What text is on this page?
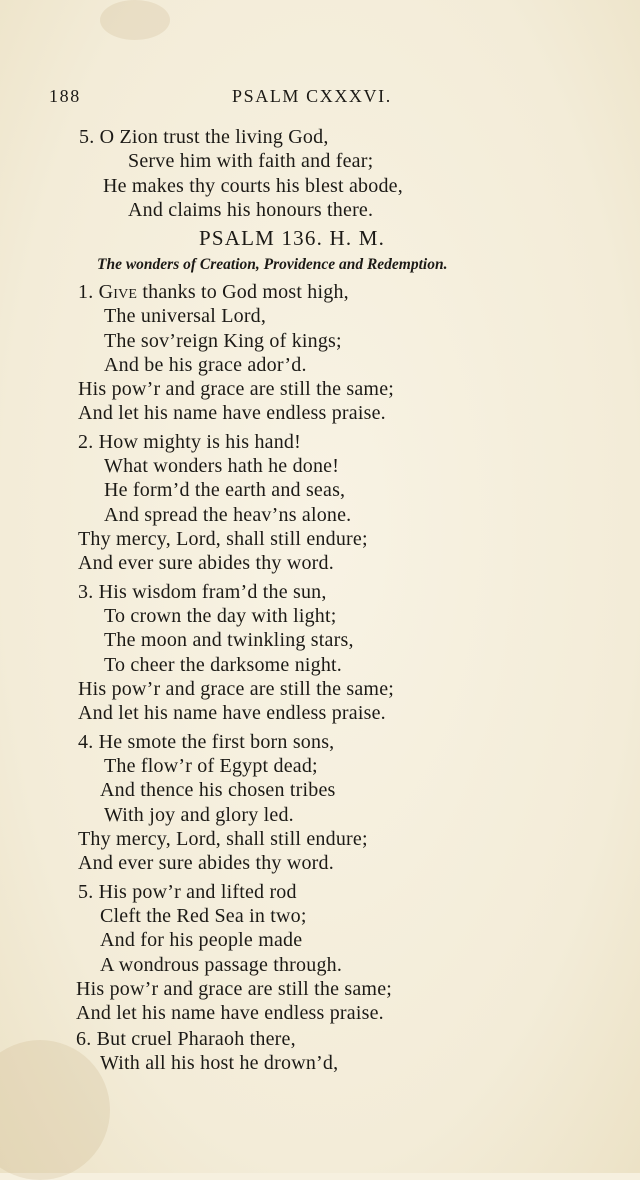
188	PSALM CXXXVI.
5. O Zion trust the living God,
Serve him with faith and fear;
He makes thy courts his blest abode,
And claims his honours there.
PSALM 136. H. M.
The wonders of Creation, Providence and Redemption.
1. Give thanks to God most high,
The universal Lord,
The sov’reign King of kings;
And be his grace ador’d.
His pow’r and grace are still the same;
And let his name have endless praise.
2. How mighty is his hand!
What wonders hath he done!
He form’d the earth and seas,
And spread the heav’ns alone.
Thy mercy, Lord, shall still endure;
And ever sure abides thy word.
3. His wisdom fram’d the sun,
To crown the day with light;
The moon and twinkling stars,
To cheer the darksome night.
His pow’r and grace are still the same;
And let his name have endless praise.
4. He smote the first born sons,
The flow’r of Egypt dead;
And thence his chosen tribes
With joy and glory led.
Thy mercy, Lord, shall still endure;
And ever sure abides thy word.
5. His pow’r and lifted rod
Cleft the Red Sea in two;
And for his people made
A wondrous passage through.
His pow’r and grace are still the same;
And let his name have endless praise.
6. But cruel Pharaoh there,
With all his host he drown’d,
